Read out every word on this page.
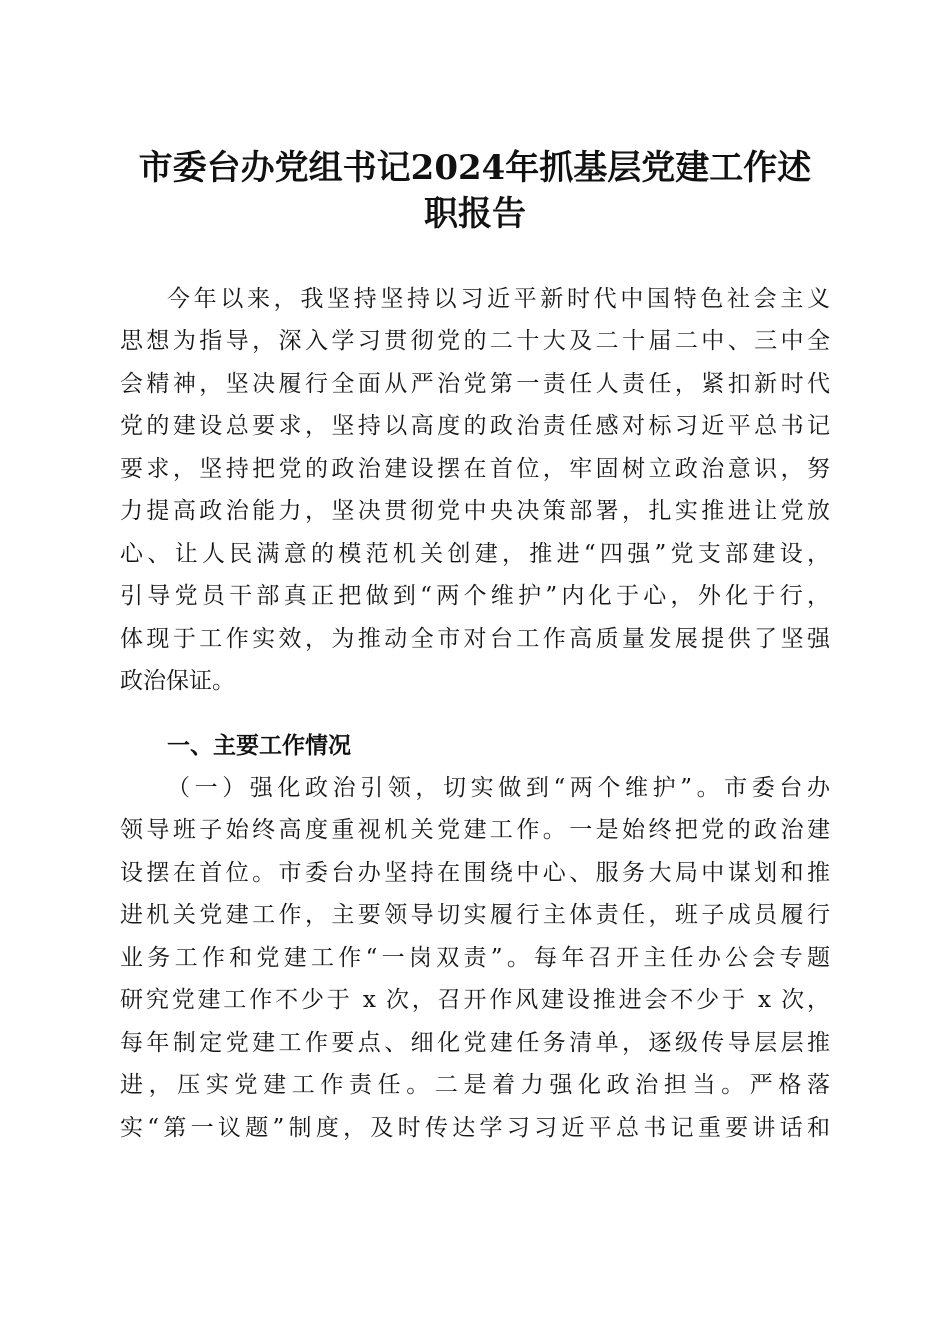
市委台办党组书记2024年抓基层党建工作述
职报告

今年以来，我坚持坚持以习近平新时代中国特色社会主义

思想为指导，深入学习贯彻党的二十大及二十届二中、三中全

会精神，坚决履行全面从严治党第一责任人责任，紧扣新时代

党的建设总要求，坚持以高度的政治责任感对标习近平总书记

要求，坚持把党的政治建设摆在首位，牢固树立政治意识，努

力提高政治能力，坚决贯彻党中央决策部署，扎实推进让党放

心、让人民满意的模范机关创建，推进“四强”党支部建设，

引导党员干部真正把做到“两个维护”内化于心，外化于行，

体现于工作实效，为推动全市对台工作高质量发展提供了坚强

政治保证。

一、主要工作情况

（一）强化政治引领，切实做到“两个维护”。市委台办

领导班子始终高度重视机关党建工作。一是始终把党的政治建

设摆在首位。市委台办坚持在围绕中心、服务大局中谋划和推

进机关党建工作，主要领导切实履行主体责任，班子成员履行

业务工作和党建工作“一岗双责”。每年召开主任办公会专题

研究党建工作不少于 x 次，召开作风建设推进会不少于 x 次，

每年制定党建工作要点、细化党建任务清单，逐级传导层层推

进，压实党建工作责任。二是着力强化政治担当。严格落

实“第一议题”制度，及时传达学习习近平总书记重要讲话和
